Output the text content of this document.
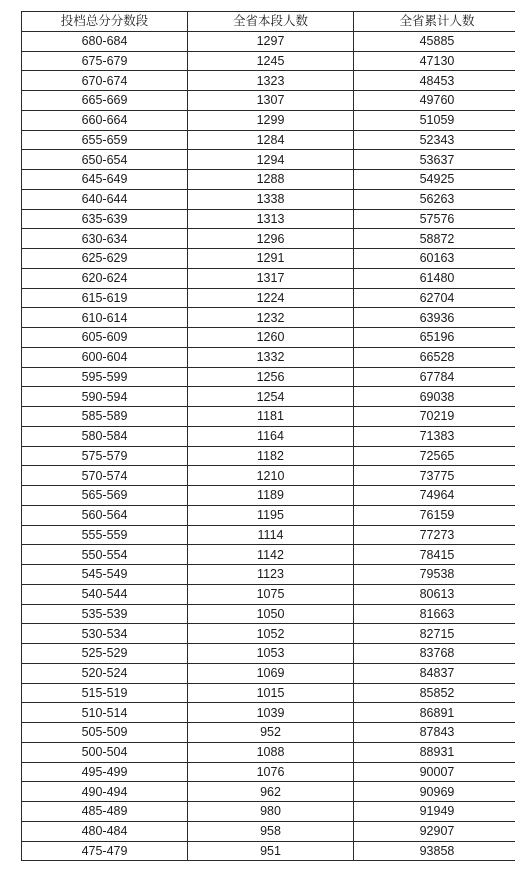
投档总分分数段	全省本段人数	全省累计人数
680-684	1297	45885
675-679	1245	47130
670-674	1323	48453
665-669	1307	49760
660-664	1299	51059
655-659	1284	52343
650-654	1294	53637
645-649	1288	54925
640-644	1338	56263
635-639	1313	57576
630-634	1296	58872
625-629	1291	60163
620-624	1317	61480
615-619	1224	62704
610-614	1232	63936
605-609	1260	65196
600-604	1332	66528
595-599	1256	67784
590-594	1254	69038
585-589	1181	70219
580-584	1164	71383
575-579	1182	72565
570-574	1210	73775
565-569	1189	74964
560-564	1195	76159
555-559	1114	77273
550-554	1142	78415
545-549	1123	79538
540-544	1075	80613
535-539	1050	81663
530-534	1052	82715
525-529	1053	83768
520-524	1069	84837
515-519	1015	85852
510-514	1039	86891
505-509	952	87843
500-504	1088	88931
495-499	1076	90007
490-494	962	90969
485-489	980	91949
480-484	958	92907
475-479	951	93858
